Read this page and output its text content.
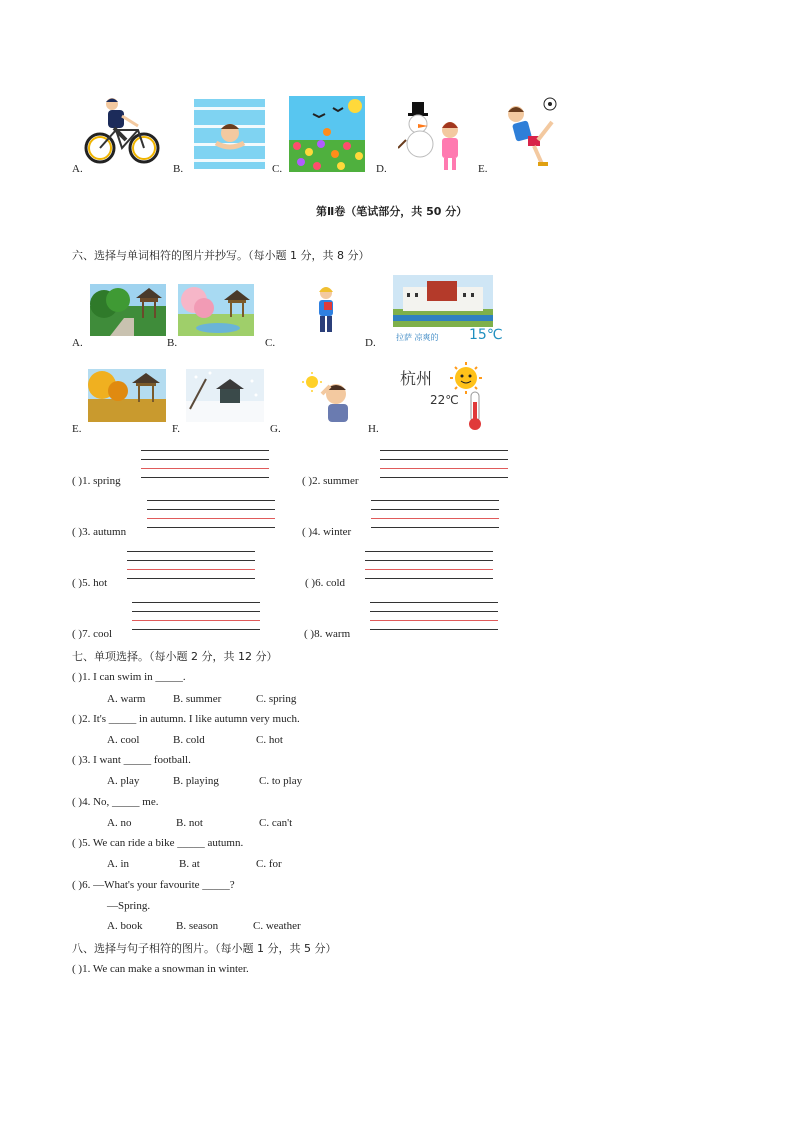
A.	B.	C.	D.	E.
第Ⅱ卷（笔试部分，共 50 分）
六、选择与单词相符的图片并抄写。（每小题 1 分，共 8 分）
A.	B.	C.	拉萨 凉爽的 15℃
D.
E.	F.	G.
杭州
22℃
H.
( )1. spring	( )2. summer
( )3. autumn	( )4. winter
( )5. hot	( )6. cold
( )7. cool	( )8. warm
七、单项选择。（每小题 2 分，共 12 分）
( )1. I can swim in _____.
A. warm	B. summer	C. spring
( )2. It's _____ in autumn. I like autumn very much.
A. cool	B. cold	C. hot
( )3. I want _____ football.
A. play	B. playing	C. to play
( )4. No, _____ me.
A. no	B. not	C. can't
( )5. We can ride a bike _____ autumn.
A. in	B. at	C. for
( )6. —What's your favourite _____?
—Spring.
A. book	B. season	C. weather
八、选择与句子相符的图片。（每小题 1 分，共 5 分）
( )1. We can make a snowman in winter.
